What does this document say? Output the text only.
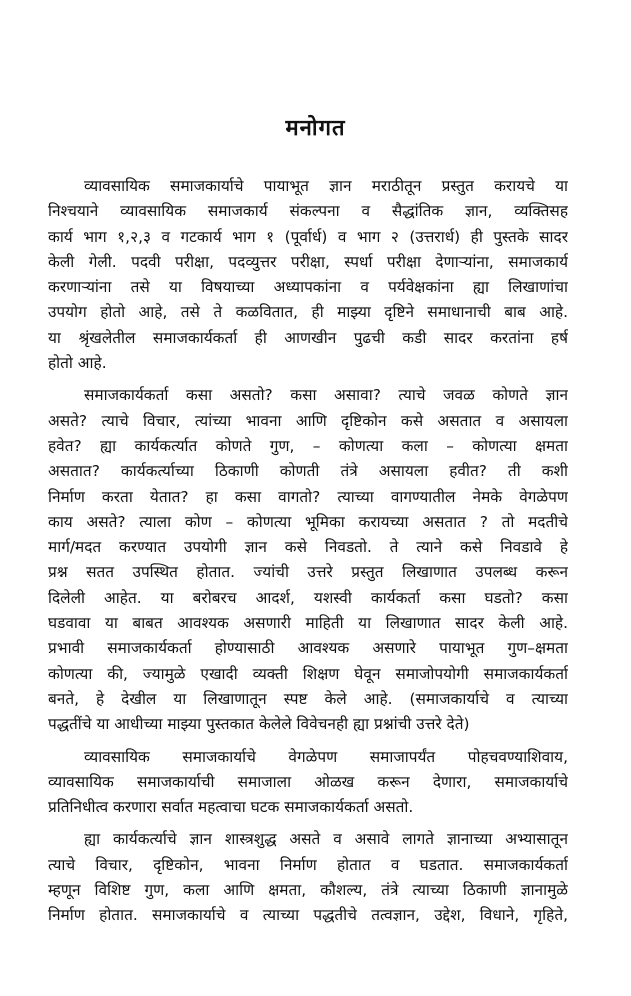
मनोगत
व्यावसायिक समाजकार्याचे पायाभूत ज्ञान मराठीतून प्रस्तुत करायचे या
निश्चयाने व्यावसायिक समाजकार्य संकल्पना व सैद्धांतिक ज्ञान, व्यक्तिसह
कार्य भाग १,२,३ व गटकार्य भाग १ (पूर्वार्ध) व भाग २ (उत्तरार्ध) ही पुस्तके सादर
केली गेली. पदवी परीक्षा, पदव्युत्तर परीक्षा, स्पर्धा परीक्षा देणाऱ्यांना, समाजकार्य
करणाऱ्यांना तसे या विषयाच्या अध्यापकांना व पर्यवेक्षकांना ह्या लिखाणांचा
उपयोग होतो आहे, तसे ते कळवितात, ही माझ्या दृष्टिने समाधानाची बाब आहे.
या श्रृंखलेतील समाजकार्यकर्ता ही आणखीन पुढची कडी सादर करतांना हर्ष
होतो आहे.
समाजकार्यकर्ता कसा असतो? कसा असावा? त्याचे जवळ कोणते ज्ञान
असते? त्याचे विचार, त्यांच्या भावना आणि दृष्टिकोन कसे असतात व असायला
हवेत? ह्या कार्यकर्त्यात कोणते गुण, – कोणत्या कला – कोणत्या क्षमता
असतात? कार्यकर्त्याच्या ठिकाणी कोणती तंत्रे असायला हवीत? ती कशी
निर्माण करता येतात? हा कसा वागतो? त्याच्या वागण्यातील नेमके वेगळेपण
काय असते? त्याला कोण – कोणत्या भूमिका करायच्या असतात ? तो मदतीचे
मार्ग/मदत करण्यात उपयोगी ज्ञान कसे निवडतो. ते त्याने कसे निवडावे हे
प्रश्न सतत उपस्थित होतात. ज्यांची उत्तरे प्रस्तुत लिखाणात उपलब्ध करून
दिलेली आहेत. या बरोबरच आदर्श, यशस्वी कार्यकर्ता कसा घडतो? कसा
घडवावा या बाबत आवश्यक असणारी माहिती या लिखाणात सादर केली आहे.
प्रभावी समाजकार्यकर्ता होण्यासाठी आवश्यक असणारे पायाभूत गुण–क्षमता
कोणत्या की, ज्यामुळे एखादी व्यक्ती शिक्षण घेवून समाजोपयोगी समाजकार्यकर्ता
बनते, हे देखील या लिखाणातून स्पष्ट केले आहे. (समाजकार्याचे व त्याच्या
पद्धतींचे या आधीच्या माझ्या पुस्तकात केलेले विवेचनही ह्या प्रश्नांची उत्तरे देते)
व्यावसायिक समाजकार्याचे वेगळेपण समाजापर्यंत पोहचवण्याशिवाय,
व्यावसायिक समाजकार्याची समाजाला ओळख करून देणारा, समाजकार्याचे
प्रतिनिधीत्व करणारा सर्वात महत्वाचा घटक समाजकार्यकर्ता असतो.
ह्या कार्यकर्त्याचे ज्ञान शास्त्रशुद्ध असते व असावे लागते ज्ञानाच्या अभ्यासातून
त्याचे विचार, दृष्टिकोन, भावना निर्माण होतात व घडतात. समाजकार्यकर्ता
म्हणून विशिष्ट गुण, कला आणि क्षमता, कौशल्य, तंत्रे त्याच्या ठिकाणी ज्ञानामुळे
निर्माण होतात. समाजकार्याचे व त्याच्या पद्धतीचे तत्वज्ञान, उद्देश, विधाने, गृहिते,
